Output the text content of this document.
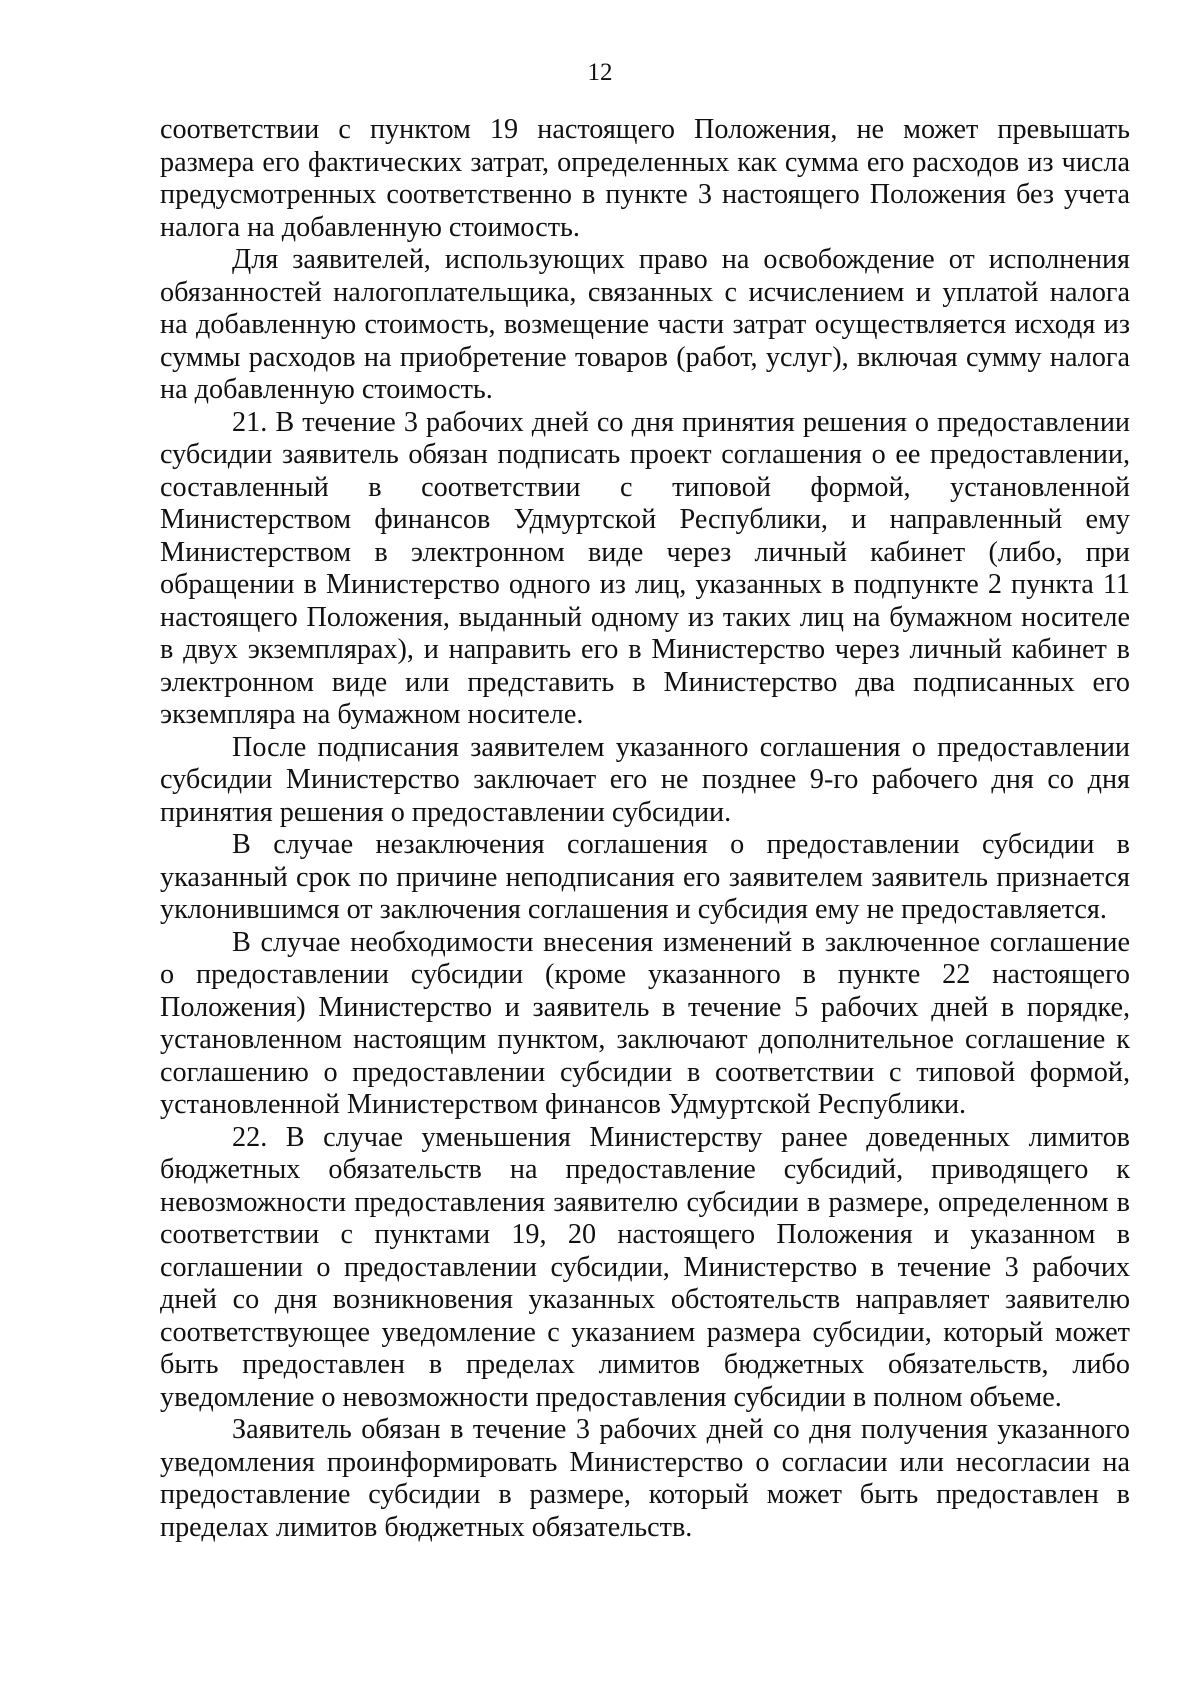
12

соответствии с пунктом 19 настоящего Положения, не может превышать размера его фактических затрат, определенных как сумма его расходов из числа предусмотренных соответственно в пункте 3 настоящего Положения без учета налога на добавленную стоимость.

Для заявителей, использующих право на освобождение от исполнения обязанностей налогоплательщика, связанных с исчислением и уплатой налога на добавленную стоимость, возмещение части затрат осуществляется исходя из суммы расходов на приобретение товаров (работ, услуг), включая сумму налога на добавленную стоимость.

21. В течение 3 рабочих дней со дня принятия решения о предоставлении субсидии заявитель обязан подписать проект соглашения о ее предоставлении, составленный в соответствии с типовой формой, установленной Министерством финансов Удмуртской Республики, и направленный ему Министерством в электронном виде через личный кабинет (либо, при обращении в Министерство одного из лиц, указанных в подпункте 2 пункта 11 настоящего Положения, выданный одному из таких лиц на бумажном носителе в двух экземплярах), и направить его в Министерство через личный кабинет в электронном виде или представить в Министерство два подписанных его экземпляра на бумажном носителе.

После подписания заявителем указанного соглашения о предоставлении субсидии Министерство заключает его не позднее 9-го рабочего дня со дня принятия решения о предоставлении субсидии.

В случае незаключения соглашения о предоставлении субсидии в указанный срок по причине неподписания его заявителем заявитель признается уклонившимся от заключения соглашения и субсидия ему не предоставляется.

В случае необходимости внесения изменений в заключенное соглашение о предоставлении субсидии (кроме указанного в пункте 22 настоящего Положения) Министерство и заявитель в течение 5 рабочих дней в порядке, установленном настоящим пунктом, заключают дополнительное соглашение к соглашению о предоставлении субсидии в соответствии с типовой формой, установленной Министерством финансов Удмуртской Республики.

22. В случае уменьшения Министерству ранее доведенных лимитов бюджетных обязательств на предоставление субсидий, приводящего к невозможности предоставления заявителю субсидии в размере, определенном в соответствии с пунктами 19, 20 настоящего Положения и указанном в соглашении о предоставлении субсидии, Министерство в течение 3 рабочих дней со дня возникновения указанных обстоятельств направляет заявителю соответствующее уведомление с указанием размера субсидии, который может быть предоставлен в пределах лимитов бюджетных обязательств, либо уведомление о невозможности предоставления субсидии в полном объеме.

Заявитель обязан в течение 3 рабочих дней со дня получения указанного уведомления проинформировать Министерство о согласии или несогласии на предоставление субсидии в размере, который может быть предоставлен в пределах лимитов бюджетных обязательств.
